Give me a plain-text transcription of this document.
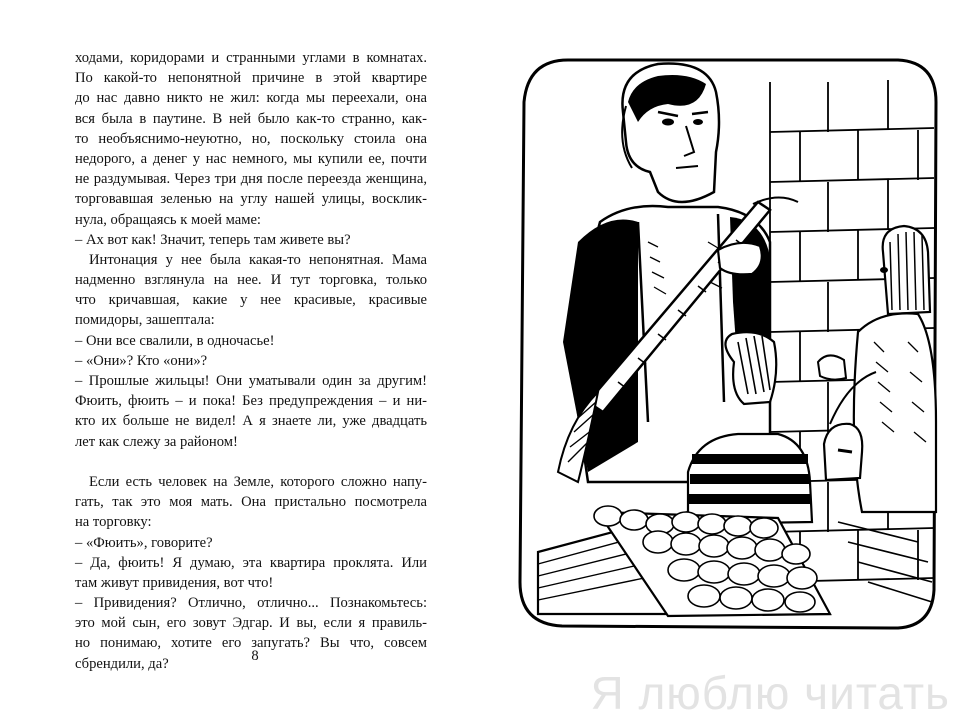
ходами, коридорами и странными углами в комнатах.
По какой-то непонятной причине в этой квартире
до нас давно никто не жил: когда мы переехали, она
вся была в паутине. В ней было как-то странно, как-
то необъяснимо-неуютно, но, поскольку стоила она
недорого, а денег у нас немного, мы купили ее, почти
не раздумывая. Через три дня после переезда женщина,
торговавшая зеленью на углу нашей улицы, восклик-
нула, обращаясь к моей маме:
– Ах вот как! Значит, теперь там живете вы?
Интонация у нее была какая-то непонятная. Мама
надменно взглянула на нее. И тут торговка, только
что кричавшая, какие у нее красивые, красивые
помидоры, зашептала:
– Они все свалили, в одночасье!
– «Они»? Кто «они»?
– Прошлые жильцы! Они уматывали один за другим!
Фюить, фюить – и пока! Без предупреждения – и ни-
кто их больше не видел! А я знаете ли, уже двадцать
лет как слежу за районом!
Если есть человек на Земле, которого сложно напу-
гать, так это моя мать. Она пристально посмотрела
на торговку:
– «Фюить», говорите?
– Да, фюить! Я думаю, эта квартира проклята. Или
там живут привидения, вот что!
– Привидения? Отлично, отлично... Познакомьтесь:
это мой сын, его зовут Эдгар. И вы, если я правиль-
но понимаю, хотите его запугать? Вы что, совсем
сбрендили, да?	8
Я люблю читать
